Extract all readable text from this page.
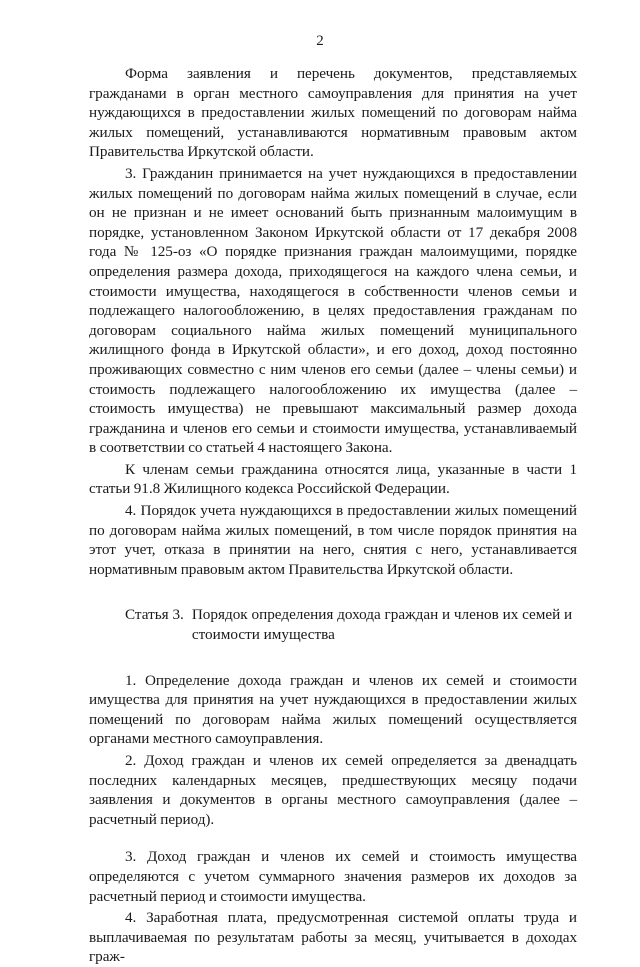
2

Форма заявления и перечень документов, представляемых гражданами в орган местного самоуправления для принятия на учет нуждающихся в предоставлении жилых помещений по договорам найма жилых помещений, устанавливаются нормативным правовым актом Правительства Иркутской области.

3. Гражданин принимается на учет нуждающихся в предоставлении жилых помещений по договорам найма жилых помещений в случае, если он не признан и не имеет оснований быть признанным малоимущим в порядке, установленном Законом Иркутской области от 17 декабря 2008 года № 125-оз «О порядке признания граждан малоимущими, порядке определения размера дохода, приходящегося на каждого члена семьи, и стоимости имущества, находящегося в собственности членов семьи и подлежащего налогообложению, в целях предоставления гражданам по договорам социального найма жилых помещений муниципального жилищного фонда в Иркутской области», и его доход, доход постоянно проживающих совместно с ним членов его семьи (далее – члены семьи) и стоимость подлежащего налогообложению их имущества (далее – стоимость имущества) не превышают максимальный размер дохода гражданина и членов его семьи и стоимости имущества, устанавливаемый в соответствии со статьей 4 настоящего Закона.

К членам семьи гражданина относятся лица, указанные в части 1 статьи 91.8 Жилищного кодекса Российской Федерации.

4. Порядок учета нуждающихся в предоставлении жилых помещений по договорам найма жилых помещений, в том числе порядок принятия на этот учет, отказа в принятии на него, снятия с него, устанавливается нормативным правовым актом Правительства Иркутской области.

Статья 3. Порядок определения дохода граждан и членов их семей и стоимости имущества

1. Определение дохода граждан и членов их семей и стоимости имущества для принятия на учет нуждающихся в предоставлении жилых помещений по договорам найма жилых помещений осуществляется органами местного самоуправления.

2. Доход граждан и членов их семей определяется за двенадцать последних календарных месяцев, предшествующих месяцу подачи заявления и документов в органы местного самоуправления (далее – расчетный период).

3. Доход граждан и членов их семей и стоимость имущества определяются с учетом суммарного значения размеров их доходов за расчетный период и стоимости имущества.

4. Заработная плата, предусмотренная системой оплаты труда и выплачиваемая по результатам работы за месяц, учитывается в доходах граж-
